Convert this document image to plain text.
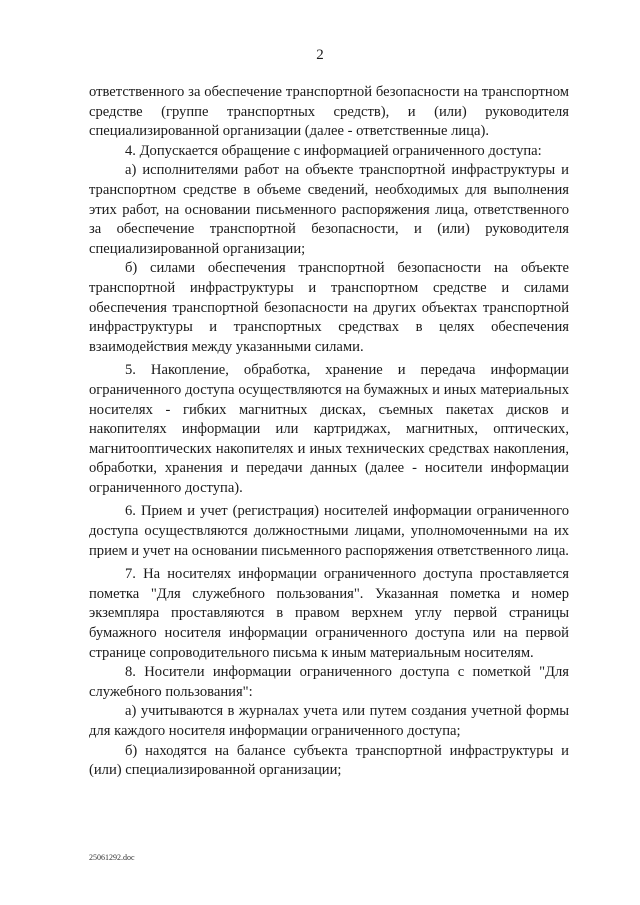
2

ответственного за обеспечение транспортной безопасности на транспортном средстве (группе транспортных средств), и (или) руководителя специализированной организации (далее - ответственные лица).

4. Допускается обращение с информацией ограниченного доступа:

а) исполнителями работ на объекте транспортной инфраструктуры и транспортном средстве в объеме сведений, необходимых для выполнения этих работ, на основании письменного распоряжения лица, ответственного за обеспечение транспортной безопасности, и (или) руководителя специализированной организации;

б) силами обеспечения транспортной безопасности на объекте транспортной инфраструктуры и транспортном средстве и силами обеспечения транспортной безопасности на других объектах транспортной инфраструктуры и транспортных средствах в целях обеспечения взаимодействия между указанными силами.

5. Накопление, обработка, хранение и передача информации ограниченного доступа осуществляются на бумажных и иных материальных носителях - гибких магнитных дисках, съемных пакетах дисков и накопителях информации или картриджах, магнитных, оптических, магнитооптических накопителях и иных технических средствах накопления, обработки, хранения и передачи данных (далее - носители информации ограниченного доступа).

6. Прием и учет (регистрация) носителей информации ограниченного доступа осуществляются должностными лицами, уполномоченными на их прием и учет на основании письменного распоряжения ответственного лица.

7. На носителях информации ограниченного доступа проставляется пометка "Для служебного пользования". Указанная пометка и номер экземпляра проставляются в правом верхнем углу первой страницы бумажного носителя информации ограниченного доступа или на первой странице сопроводительного письма к иным материальным носителям.

8. Носители информации ограниченного доступа с пометкой "Для служебного пользования":

а) учитываются в журналах учета или путем создания учетной формы для каждого носителя информации ограниченного доступа;

б) находятся на балансе субъекта транспортной инфраструктуры и (или) специализированной организации;

25061292.doc
